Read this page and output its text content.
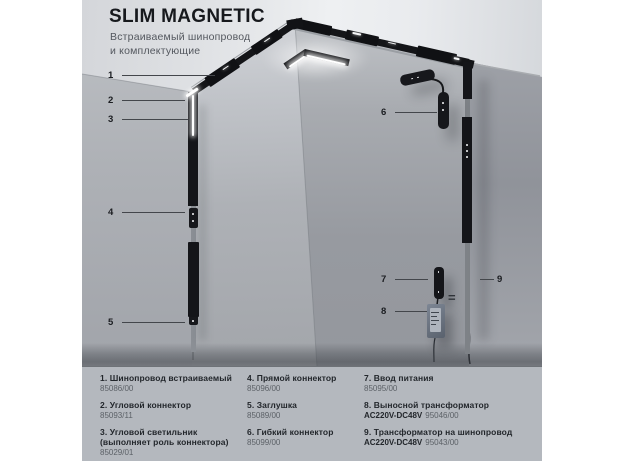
=
SLIM MAGNETIC
Встраиваемый шинопровод
и комплектующие
1
2
3
4
5
6
7
8
9
1. Шинопровод встраиваемый
85086/00
2. Угловой коннектор
85093/11
3. Угловой светильник
(выполняет роль коннектора)
85029/01
4. Прямой коннектор
85096/00
5. Заглушка
85089/00
6. Гибкий коннектор
85099/00
7. Ввод питания
85095/00
8. Выносной трансформатор
AC220V-DC48V 95046/00
9. Трансформатор на шинопровод
AC220V-DC48V 95043/00
